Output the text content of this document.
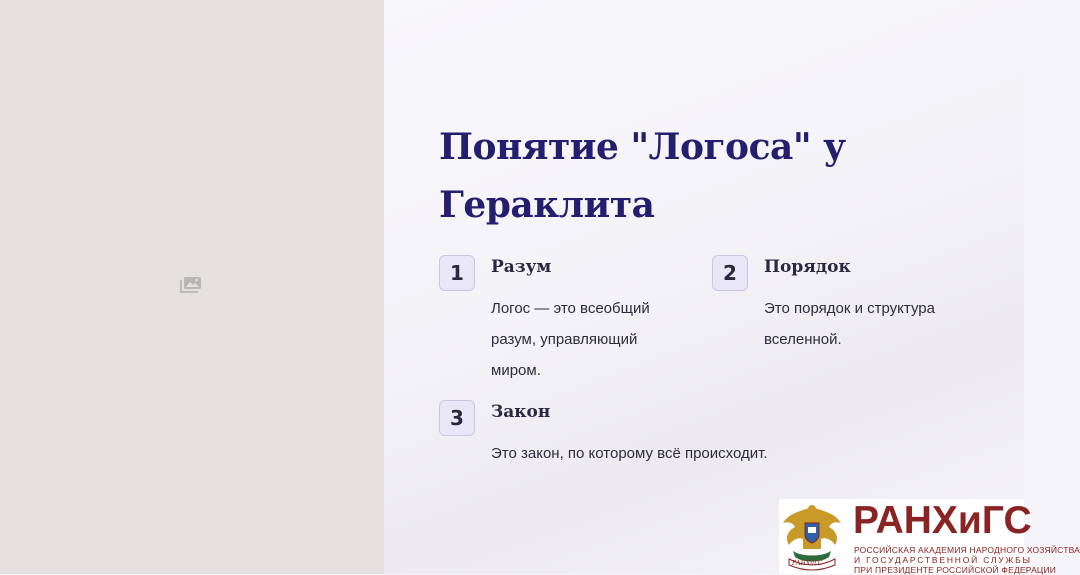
Понятие "Логоса" у Гераклита
1	Разум
Логос — это всеобщий разум, управляющий миром.
2	Порядок
Это порядок и структура вселенной.
3	Закон
Это закон, по которому всё происходит.
РАНХиГС
РАНХиГС
РОССИЙСКАЯ АКАДЕМИЯ НАРОДНОГО ХОЗЯЙСТВА
И ГОСУДАРСТВЕННОЙ СЛУЖБЫ
ПРИ ПРЕЗИДЕНТЕ РОССИЙСКОЙ ФЕДЕРАЦИИ
